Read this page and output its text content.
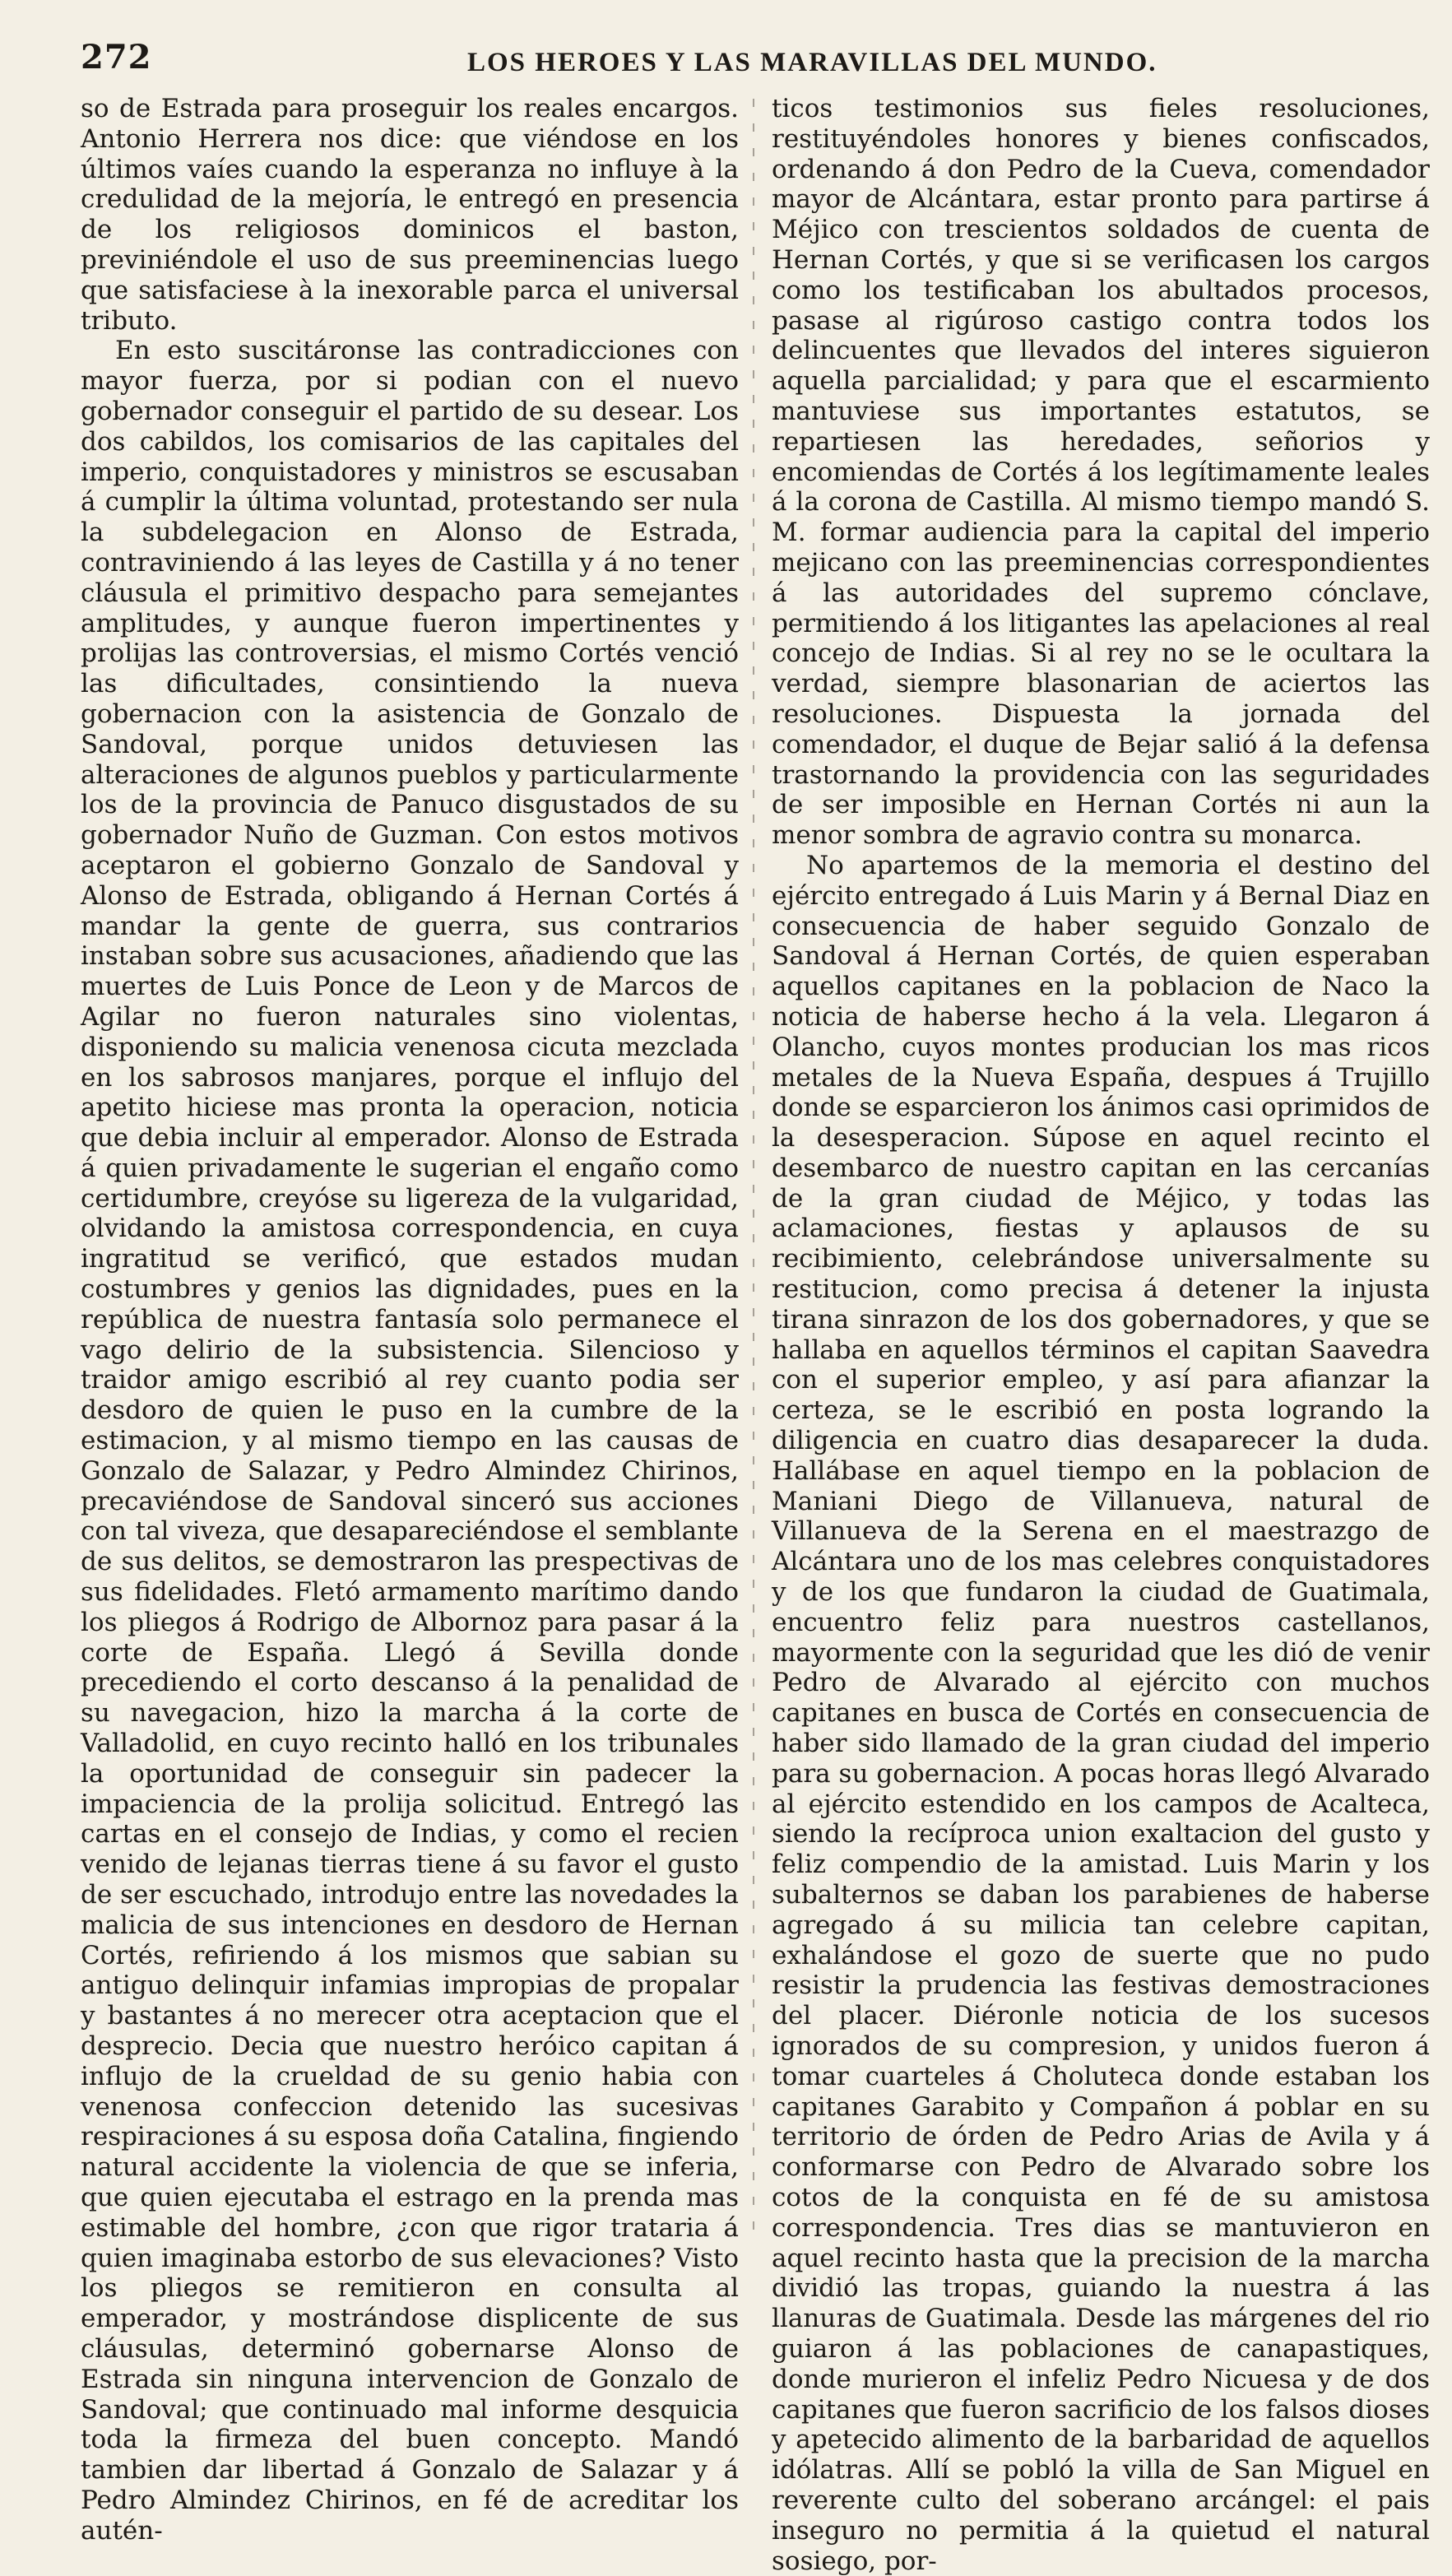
272	LOS HEROES Y LAS MARAVILLAS DEL MUNDO.

so de Estrada para proseguir los reales encargos. Antonio Herrera nos dice: que viéndose en los últimos vaíes cuando la esperanza no influye à la credulidad de la mejoría, le entregó en presencia de los religiosos dominicos el baston, previniéndole el uso de sus preeminencias luego que satisfaciese à la inexorable parca el universal tributo.

En esto suscitáronse las contradicciones con mayor fuerza, por si podian con el nuevo gobernador conseguir el partido de su desear. Los dos cabildos, los comisarios de las capitales del imperio, conquistadores y ministros se escusaban á cumplir la última voluntad, protestando ser nula la subdelegacion en Alonso de Estrada, contraviniendo á las leyes de Castilla y á no tener cláusula el primitivo despacho para semejantes amplitudes, y aunque fueron impertinentes y prolijas las controversias, el mismo Cortés venció las dificultades, consintiendo la nueva gobernacion con la asistencia de Gonzalo de Sandoval, porque unidos detuviesen las alteraciones de algunos pueblos y particularmente los de la provincia de Panuco disgustados de su gobernador Nuño de Guzman. Con estos motivos aceptaron el gobierno Gonzalo de Sandoval y Alonso de Estrada, obligando á Hernan Cortés á mandar la gente de guerra, sus contrarios instaban sobre sus acusaciones, añadiendo que las muertes de Luis Ponce de Leon y de Marcos de Agilar no fueron naturales sino violentas, disponiendo su malicia venenosa cicuta mezclada en los sabrosos manjares, porque el influjo del apetito hiciese mas pronta la operacion, noticia que debia incluir al emperador. Alonso de Estrada á quien privadamente le sugerian el engaño como certidumbre, creyóse su ligereza de la vulgaridad, olvidando la amistosa correspondencia, en cuya ingratitud se verificó, que estados mudan costumbres y genios las dignidades, pues en la república de nuestra fantasía solo permanece el vago delirio de la subsistencia. Silencioso y traidor amigo escribió al rey cuanto podia ser desdoro de quien le puso en la cumbre de la estimacion, y al mismo tiempo en las causas de Gonzalo de Salazar, y Pedro Almindez Chirinos, precaviéndose de Sandoval sinceró sus acciones con tal viveza, que desapareciéndose el semblante de sus delitos, se demostraron las prespectivas de sus fidelidades. Fletó armamento marítimo dando los pliegos á Rodrigo de Albornoz para pasar á la corte de España. Llegó á Sevilla donde precediendo el corto descanso á la penalidad de su navegacion, hizo la marcha á la corte de Valladolid, en cuyo recinto halló en los tribunales la oportunidad de conseguir sin padecer la impaciencia de la prolija solicitud. Entregó las cartas en el consejo de Indias, y como el recien venido de lejanas tierras tiene á su favor el gusto de ser escuchado, introdujo entre las novedades la malicia de sus intenciones en desdoro de Hernan Cortés, refiriendo á los mismos que sabian su antiguo delinquir infamias impropias de propalar y bastantes á no merecer otra aceptacion que el desprecio. Decia que nuestro heróico capitan á influjo de la crueldad de su genio habia con venenosa confeccion detenido las sucesivas respiraciones á su esposa doña Catalina, fingiendo natural accidente la violencia de que se inferia, que quien ejecutaba el estrago en la prenda mas estimable del hombre, ¿con que rigor trataria á quien imaginaba estorbo de sus elevaciones? Visto los pliegos se remitieron en consulta al emperador, y mostrándose displicente de sus cláusulas, determinó gobernarse Alonso de Estrada sin ninguna intervencion de Gonzalo de Sandoval; que continuado mal informe desquicia toda la firmeza del buen concepto. Mandó tambien dar libertad á Gonzalo de Salazar y á Pedro Almindez Chirinos, en fé de acreditar los autén-

ticos testimonios sus fieles resoluciones, restituyéndoles honores y bienes confiscados, ordenando á don Pedro de la Cueva, comendador mayor de Alcántara, estar pronto para partirse á Méjico con trescientos soldados de cuenta de Hernan Cortés, y que si se verificasen los cargos como los testificaban los abultados procesos, pasase al rigúroso castigo contra todos los delincuentes que llevados del interes siguieron aquella parcialidad; y para que el escarmiento mantuviese sus importantes estatutos, se repartiesen las heredades, señorios y encomiendas de Cortés á los legítimamente leales á la corona de Castilla. Al mismo tiempo mandó S. M. formar audiencia para la capital del imperio mejicano con las preeminencias correspondientes á las autoridades del supremo cónclave, permitiendo á los litigantes las apelaciones al real concejo de Indias. Si al rey no se le ocultara la verdad, siempre blasonarian de aciertos las resoluciones. Dispuesta la jornada del comendador, el duque de Bejar salió á la defensa trastornando la providencia con las seguridades de ser imposible en Hernan Cortés ni aun la menor sombra de agravio contra su monarca.

No apartemos de la memoria el destino del ejército entregado á Luis Marin y á Bernal Diaz en consecuencia de haber seguido Gonzalo de Sandoval á Hernan Cortés, de quien esperaban aquellos capitanes en la poblacion de Naco la noticia de haberse hecho á la vela. Llegaron á Olancho, cuyos montes producian los mas ricos metales de la Nueva España, despues á Trujillo donde se esparcieron los ánimos casi oprimidos de la desesperacion. Súpose en aquel recinto el desembarco de nuestro capitan en las cercanías de la gran ciudad de Méjico, y todas las aclamaciones, fiestas y aplausos de su recibimiento, celebrándose universalmente su restitucion, como precisa á detener la injusta tirana sinrazon de los dos gobernadores, y que se hallaba en aquellos términos el capitan Saavedra con el superior empleo, y así para afianzar la certeza, se le escribió en posta logrando la diligencia en cuatro dias desaparecer la duda. Hallábase en aquel tiempo en la poblacion de Maniani Diego de Villanueva, natural de Villanueva de la Serena en el maestrazgo de Alcántara uno de los mas celebres conquistadores y de los que fundaron la ciudad de Guatimala, encuentro feliz para nuestros castellanos, mayormente con la seguridad que les dió de venir Pedro de Alvarado al ejército con muchos capitanes en busca de Cortés en consecuencia de haber sido llamado de la gran ciudad del imperio para su gobernacion. A pocas horas llegó Alvarado al ejército estendido en los campos de Acalteca, siendo la recíproca union exaltacion del gusto y feliz compendio de la amistad. Luis Marin y los subalternos se daban los parabienes de haberse agregado á su milicia tan celebre capitan, exhalándose el gozo de suerte que no pudo resistir la prudencia las festivas demostraciones del placer. Diéronle noticia de los sucesos ignorados de su compresion, y unidos fueron á tomar cuarteles á Choluteca donde estaban los capitanes Garabito y Compañon á poblar en su territorio de órden de Pedro Arias de Avila y á conformarse con Pedro de Alvarado sobre los cotos de la conquista en fé de su amistosa correspondencia. Tres dias se mantuvieron en aquel recinto hasta que la precision de la marcha dividió las tropas, guiando la nuestra á las llanuras de Guatimala. Desde las márgenes del rio guiaron á las poblaciones de canapastiques, donde murieron el infeliz Pedro Nicuesa y de dos capitanes que fueron sacrificio de los falsos dioses y apetecido alimento de la barbaridad de aquellos idólatras. Allí se pobló la villa de San Miguel en reverente culto del soberano arcángel: el pais inseguro no permitia á la quietud el natural sosiego, por-
